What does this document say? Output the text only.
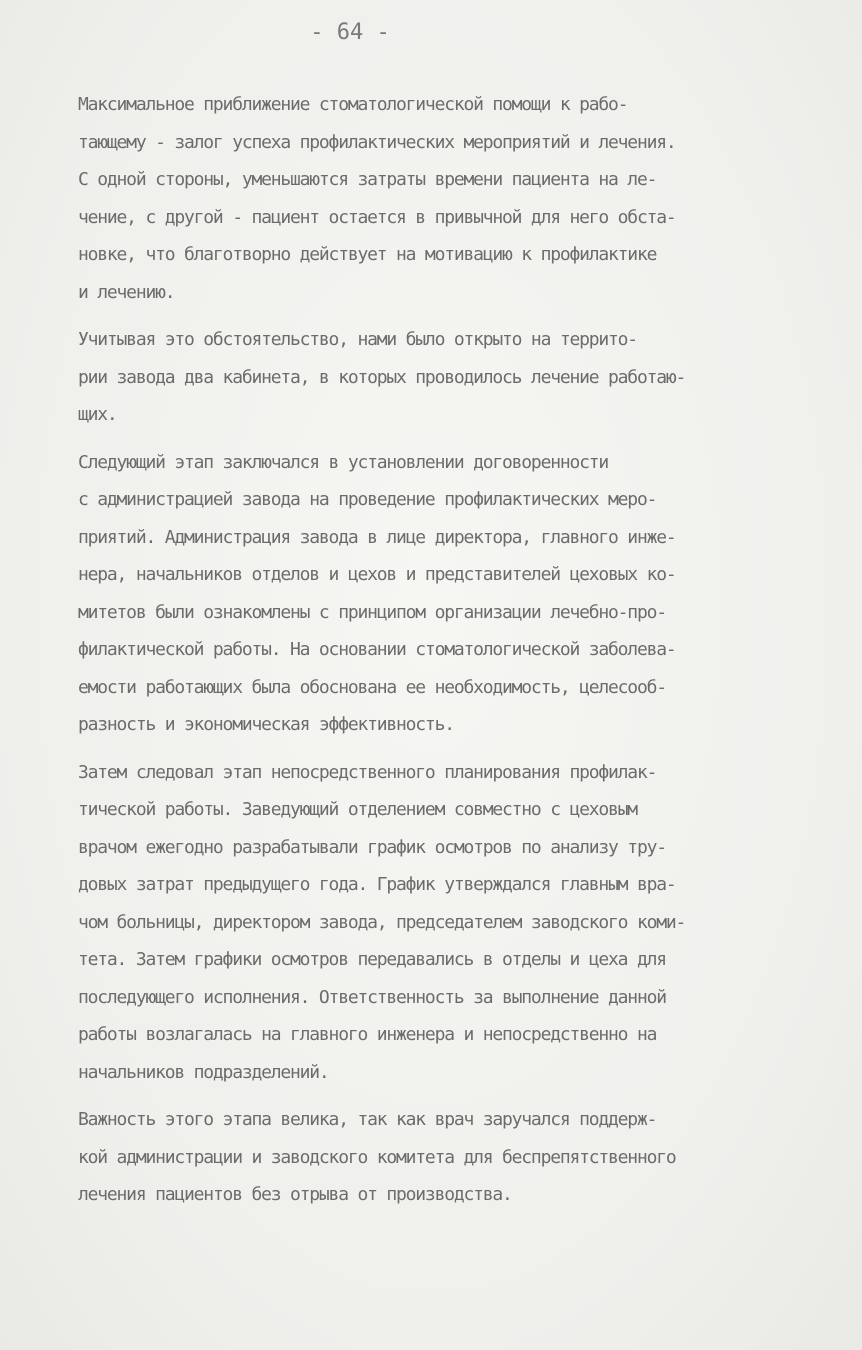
- 64 -
Максимальное приближение стоматологической помощи к рабо-
тающему - залог успеха профилактических мероприятий и лечения.
С одной стороны, уменьшаются затраты времени пациента на ле-
чение, с другой - пациент остается в привычной для него обста-
новке, что благотворно действует на мотивацию к профилактике
и лечению.
Учитывая это обстоятельство, нами было открыто на террито-
рии завода два кабинета, в которых проводилось лечение работаю-
щих.
Следующий этап заключался в установлении договоренности
с администрацией завода на проведение профилактических меро-
приятий. Администрация завода в лице директора, главного инже-
нера, начальников отделов и цехов и представителей цеховых ко-
митетов были ознакомлены с принципом организации лечебно-про-
филактической работы. На основании стоматологической заболева-
емости работающих была обоснована ее необходимость, целесооб-
разность и экономическая эффективность.
Затем следовал этап непосредственного планирования профилак-
тической работы. Заведующий отделением совместно с цеховым
врачом ежегодно разрабатывали график осмотров по анализу тру-
довых затрат предыдущего года. График утверждался главным вра-
чом больницы, директором завода, председателем заводского коми-
тета. Затем графики осмотров передавались в отделы и цеха для
последующего исполнения. Ответственность за выполнение данной
работы возлагалась на главного инженера и непосредственно на
начальников подразделений.
Важность этого этапа велика, так как врач заручался поддерж-
кой администрации и заводского комитета для беспрепятственного
лечения пациентов без отрыва от производства.
